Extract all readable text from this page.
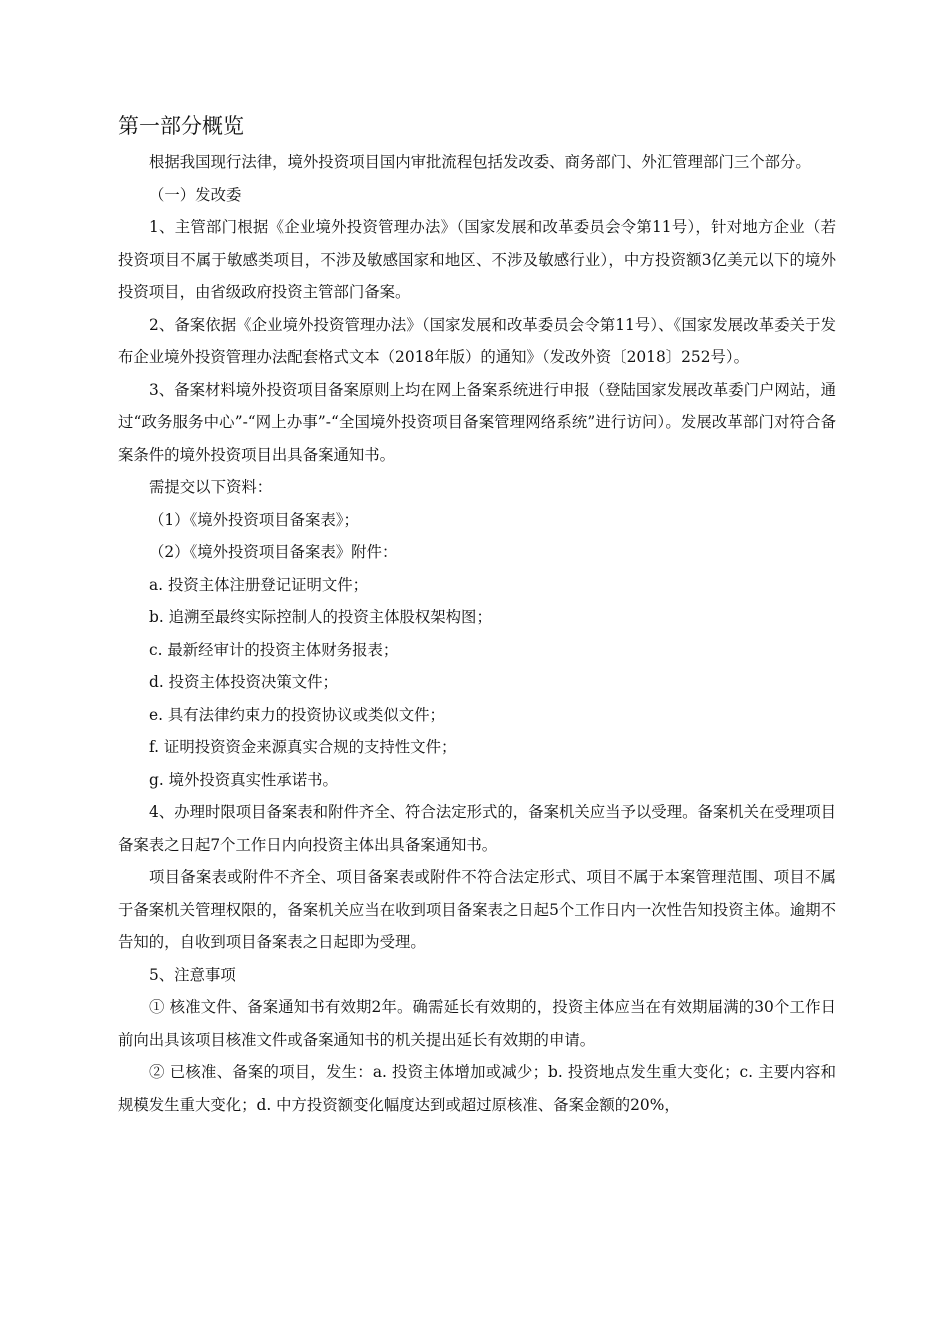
第一部分概览

根据我国现行法律，境外投资项目国内审批流程包括发改委、商务部门、外汇管理部门三个部分。

（一）发改委

1、主管部门根据《企业境外投资管理办法》（国家发展和改革委员会令第11号），针对地方企业（若投资项目不属于敏感类项目，不涉及敏感国家和地区、不涉及敏感行业），中方投资额3亿美元以下的境外投资项目，由省级政府投资主管部门备案。

2、备案依据《企业境外投资管理办法》（国家发展和改革委员会令第11号）、《国家发展改革委关于发布企业境外投资管理办法配套格式文本（2018年版）的通知》（发改外资〔2018〕252号）。

3、备案材料境外投资项目备案原则上均在网上备案系统进行申报（登陆国家发展改革委门户网站，通过“政务服务中心”-“网上办事”-“全国境外投资项目备案管理网络系统”进行访问）。发展改革部门对符合备案条件的境外投资项目出具备案通知书。

需提交以下资料：

（1）《境外投资项目备案表》；

（2）《境外投资项目备案表》附件：

a. 投资主体注册登记证明文件；

b. 追溯至最终实际控制人的投资主体股权架构图；

c. 最新经审计的投资主体财务报表；

d. 投资主体投资决策文件；

e. 具有法律约束力的投资协议或类似文件；

f. 证明投资资金来源真实合规的支持性文件；

g. 境外投资真实性承诺书。

4、办理时限项目备案表和附件齐全、符合法定形式的，备案机关应当予以受理。备案机关在受理项目备案表之日起7个工作日内向投资主体出具备案通知书。

项目备案表或附件不齐全、项目备案表或附件不符合法定形式、项目不属于本案管理范围、项目不属于备案机关管理权限的，备案机关应当在收到项目备案表之日起5个工作日内一次性告知投资主体。逾期不告知的，自收到项目备案表之日起即为受理。

5、注意事项

① 核准文件、备案通知书有效期2年。确需延长有效期的，投资主体应当在有效期届满的30个工作日前向出具该项目核准文件或备案通知书的机关提出延长有效期的申请。

② 已核准、备案的项目，发生：a. 投资主体增加或减少；b. 投资地点发生重大变化；c. 主要内容和规模发生重大变化；d. 中方投资额变化幅度达到或超过原核准、备案金额的20%，
